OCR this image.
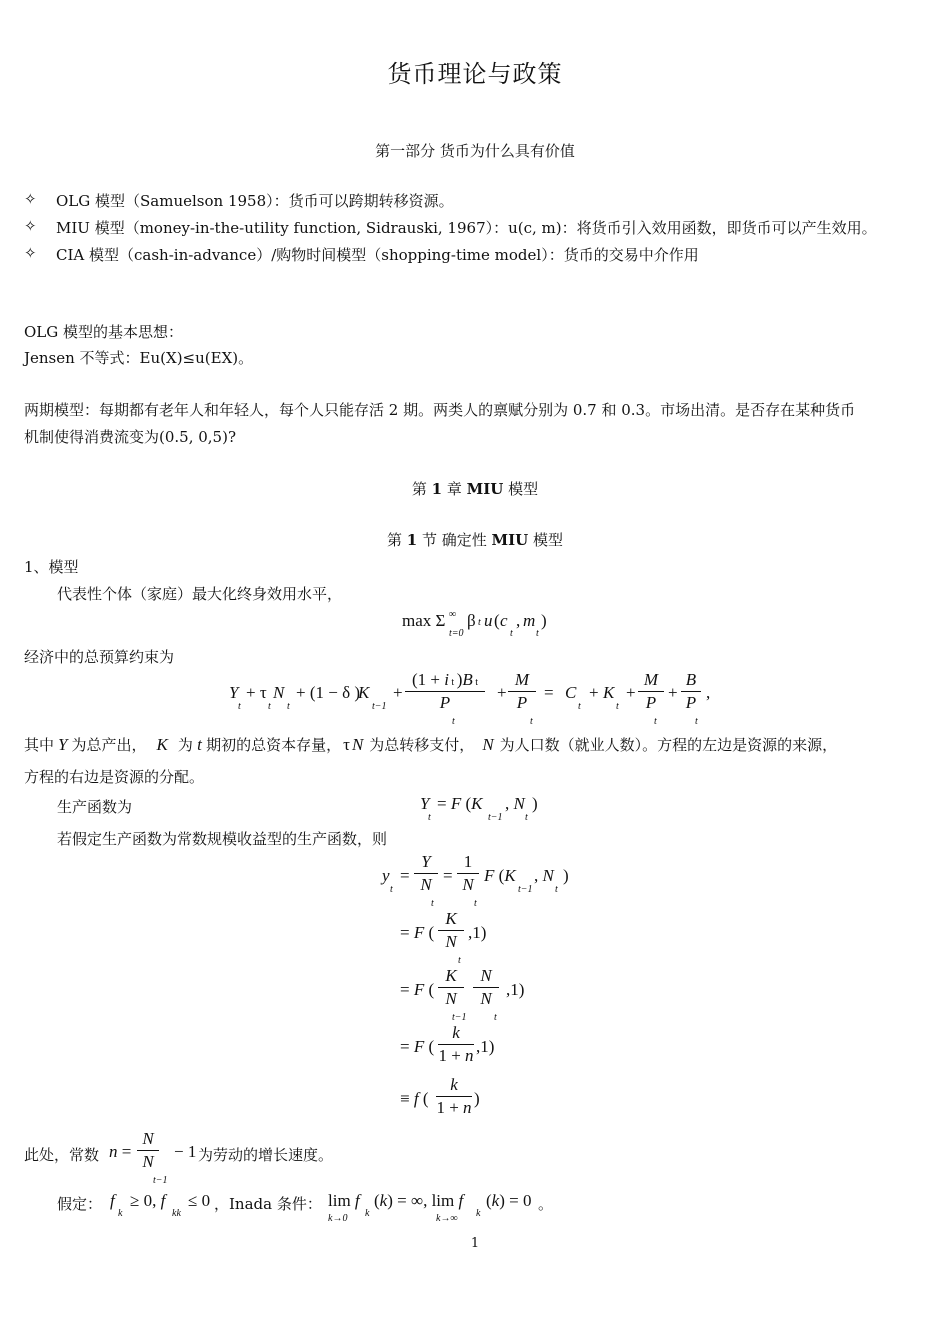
货币理论与政策
第一部分 货币为什么具有价值
✧ OLG 模型（Samuelson 1958）：货币可以跨期转移资源。
✧ MIU 模型（money-in-the-utility function, Sidrauski, 1967）：u(c, m)：将货币引入效用函数，即货币可以产生效用。
✧ CIA 模型（cash-in-advance）/购物时间模型（shopping-time model）：货币的交易中介作用
OLG 模型的基本思想：
Jensen 不等式：Eu(X)≤u(EX)。
两期模型：每期都有老年人和年轻人，每个人只能存活 2 期。两类人的禀赋分别为 0.7 和 0.3。市场出清。是否存在某种货币
机制使得消费流变为(0.5, 0,5)?
第 1 章 MIU 模型
第 1 节 确定性 MIU 模型
1、模型
代表性个体（家庭）最大化终身效用水平，
max Σ ∞
t=0
β t u ( c
t
, m
t
)
经济中的总预算约束为
Y
t
+ τ
t
N
t
+ (1 − δ )
K
t−1
+
(1 + i t )B t
P
t
+
M
P
t
= C
t
+ K
t
+
M
P
t
+
B
P
t
,
其中 Y 为总产出， K 为 t 期初的总资本存量， τ N 为总转移支付， N 为人口数（就业人数）。方程的左边是资源的来源，
方程的右边是资源的分配。
生产函数为	Y
t
= F (K
t−1
, N
t
)
若假定生产函数为常数规模收益型的生产函数，则
y
t
=
Y
N
t
=
1
N
t
F (K
t−1
, N
t
)
= F (
K
N
t
,1)
= F (
K
N
t−1
N
N
t
,1)
= F (
k
1 + n ,1)
≡ f (
k
1 + n )
此处，常数 n =
N
N
t−1
− 1 为劳动的增长速度。
假定： f
k
≥ 0, f
kk
≤ 0 ，Inada 条件： lim f
k→0 k
(k) = ∞, lim f
k→∞ k
(k) = 0 。
1
